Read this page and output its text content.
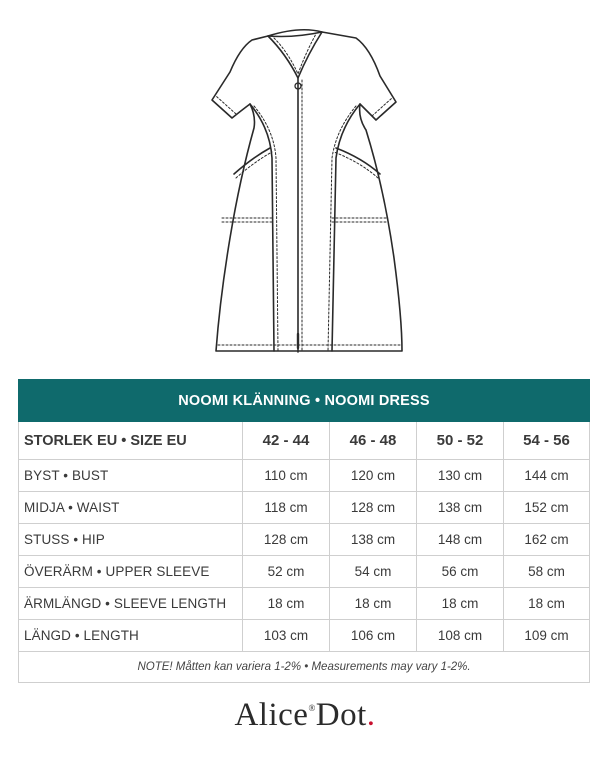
NOOMI KLÄNNING • NOOMI DRESS				
STORLEK EU • SIZE EU	42 - 44	46 - 48	50 - 52	54 - 56
BYST • BUST	110 cm	120 cm	130 cm	144 cm
MIDJA • WAIST	118 cm	128 cm	138 cm	152 cm
STUSS • HIP	128 cm	138 cm	148 cm	162 cm
ÖVERÄRM • UPPER SLEEVE	52 cm	54 cm	56 cm	58 cm
ÄRMLÄNGD • SLEEVE LENGTH	18 cm	18 cm	18 cm	18 cm
LÄNGD • LENGTH	103 cm	106 cm	108 cm	109 cm
NOTE! Måtten kan variera 1-2% • Measurements may vary 1-2%.				
Alice®Dot.
